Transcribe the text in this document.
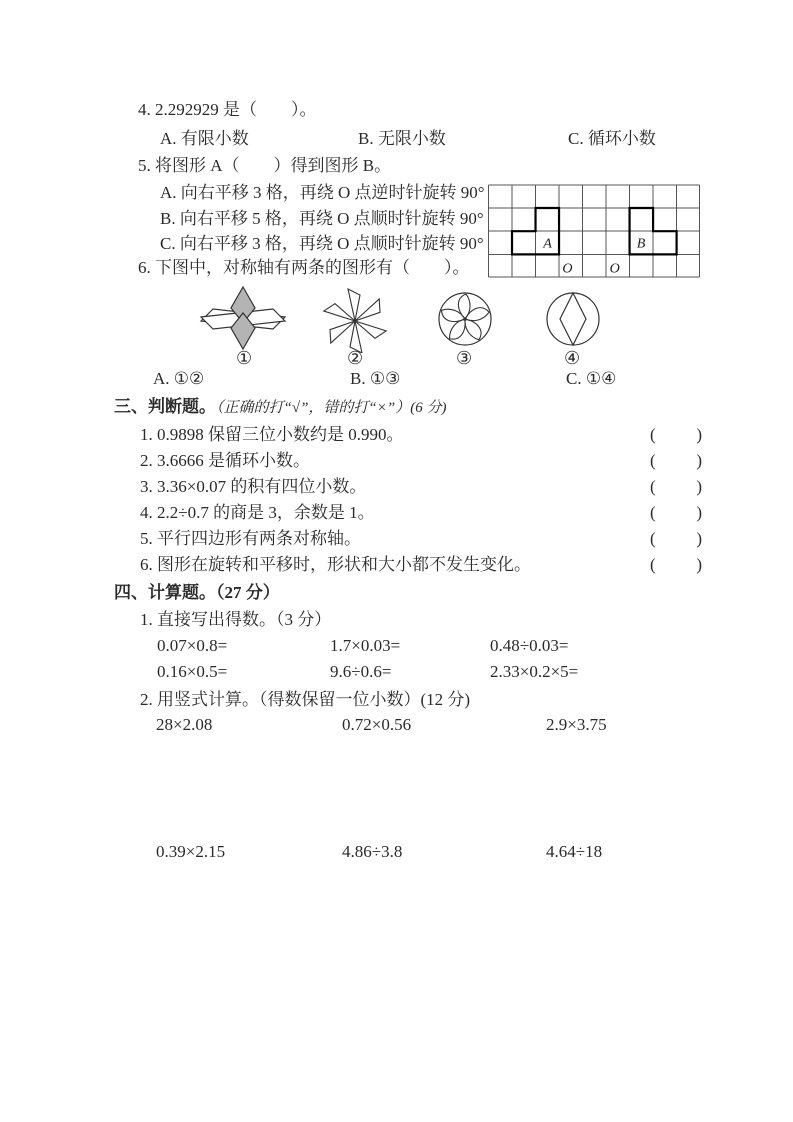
4. 2.292929 是（　　）。
A. 有限小数	B. 无限小数	C. 循环小数
5. 将图形 A（　　）得到图形 B。
A. 向右平移 3 格，再绕 O 点逆时针旋转 90°
B. 向右平移 5 格，再绕 O 点顺时针旋转 90°
C. 向右平移 3 格，再绕 O 点顺时针旋转 90°
6. 下图中，对称轴有两条的图形有（　　）。
A	B
O	O
①	②	③	④
A. ①②	B. ①③	C. ①④
三、判断题。（正确的打“√”，错的打“×”）(6 分)
1. 0.9898 保留三位小数约是 0.990。	( )
2. 3.6666 是循环小数。	( )
3. 3.36×0.07 的积有四位小数。	( )
4. 2.2÷0.7 的商是 3，余数是 1。	( )
5. 平行四边形有两条对称轴。	( )
6. 图形在旋转和平移时，形状和大小都不发生变化。	( )
四、计算题。（27 分）
1. 直接写出得数。（3 分）
0.07×0.8=	1.7×0.03=	0.48÷0.03=
0.16×0.5=	9.6÷0.6=	2.33×0.2×5=
2. 用竖式计算。（得数保留一位小数）(12 分)
28×2.08	0.72×0.56	2.9×3.75
0.39×2.15	4.86÷3.8	4.64÷18
